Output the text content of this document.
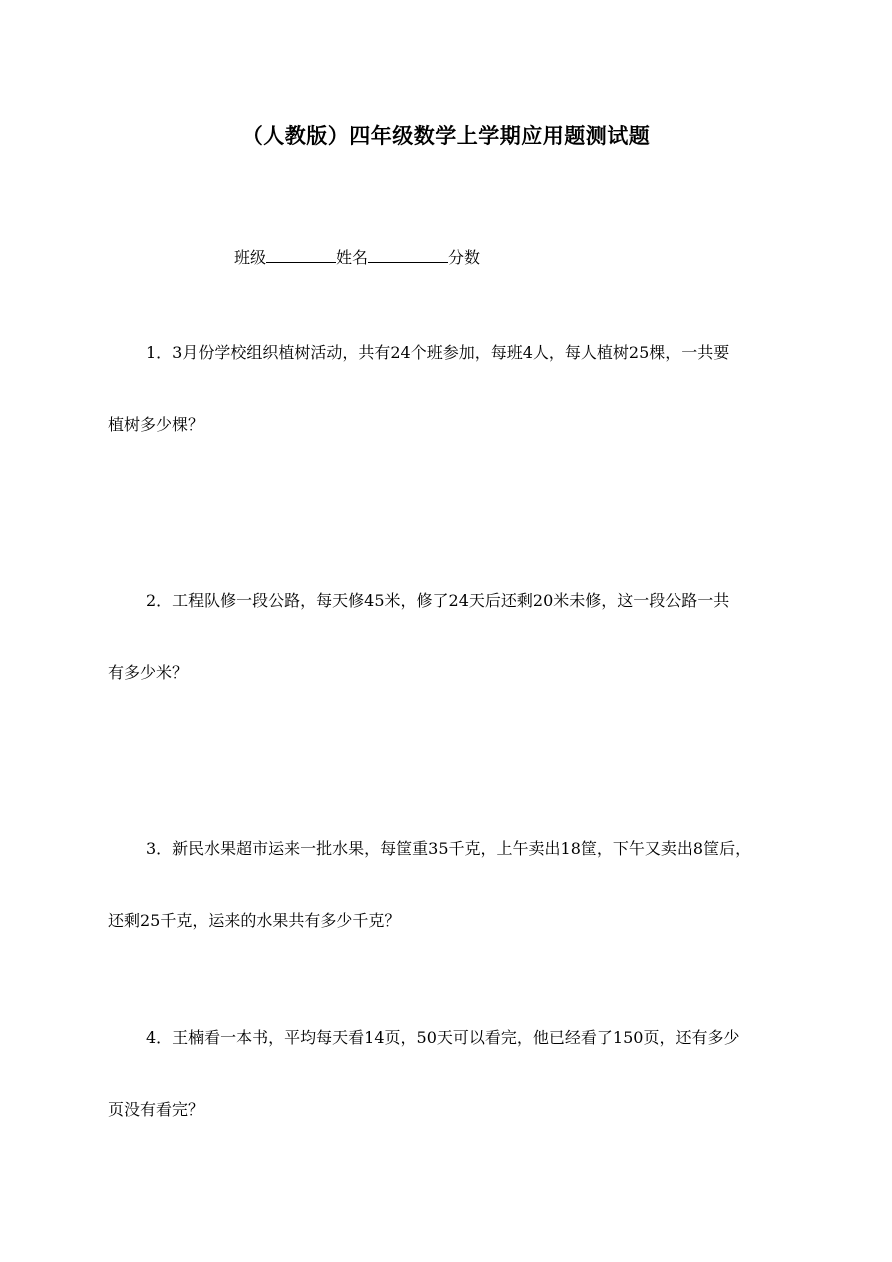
（人教版）四年级数学上学期应用题测试题
班级	姓名	分数
1．3月份学校组织植树活动，共有24个班参加，每班4人，每人植树25棵，一共要
植树多少棵？
2．工程队修一段公路，每天修45米，修了24天后还剩20米未修，这一段公路一共
有多少米？
3．新民水果超市运来一批水果，每筐重35千克，上午卖出18筐，下午又卖出8筐后，
还剩25千克，运来的水果共有多少千克？
4．王楠看一本书，平均每天看14页，50天可以看完，他已经看了150页，还有多少
页没有看完？
